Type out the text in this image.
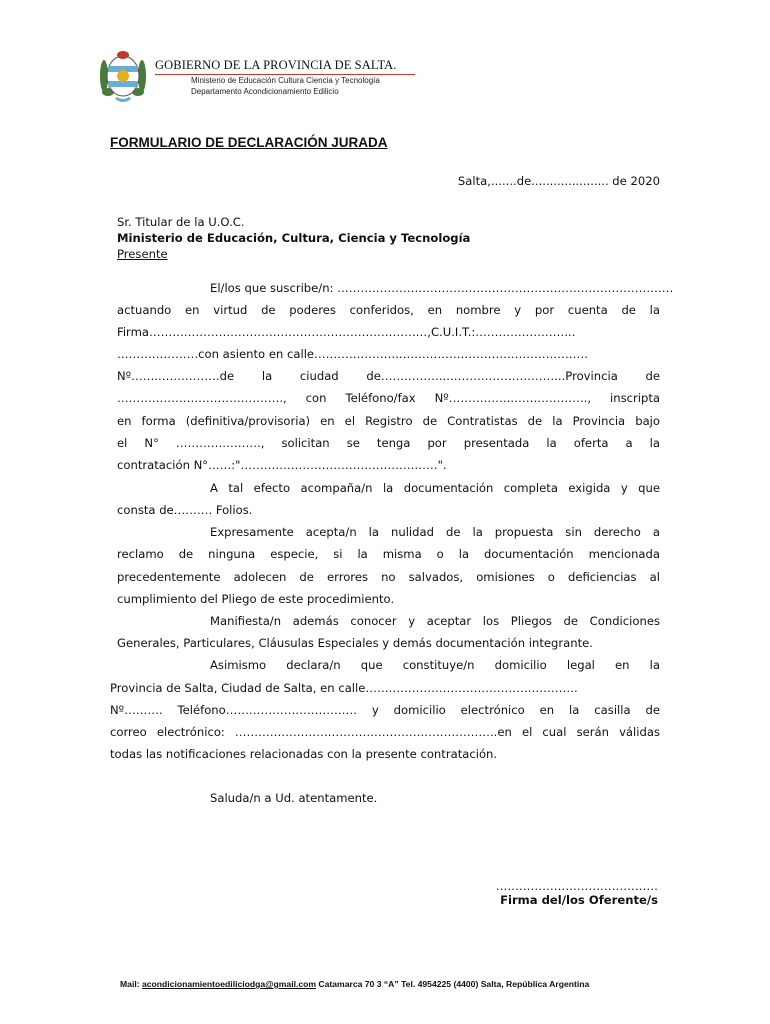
GOBIERNO DE LA PROVINCIA DE SALTA.
Ministerio de Educación Cultura Ciencia y Tecnología
Departamento Acondicionamiento Edilicio
FORMULARIO DE DECLARACIÓN JURADA
Salta,.......de..................... de 2020
Sr. Titular de la U.O.C.
Ministerio de Educación, Cultura, Ciencia y Tecnología
Presente
El/los que suscribe/n: ……………………………………………………………………………
actuando en virtud de poderes conferidos, en nombre y por cuenta de la
Firma………………………………………………………………,C.U.I.T.:……………………..
…………………con asiento en calle…………………..…………………………………………
Nº……..……………de la ciudad de……………...………………………...Provincia de
……………………………………., con Teléfono/fax Nº……………..………………., inscripta
en forma (definitiva/provisoria) en el Registro de Contratistas de la Provincia bajo
el N° …………………., solicitan se tenga por presentada la oferta a la
contratación N°……:"……………………………………………".
A tal efecto acompaña/n la documentación completa exigida y que
consta de………. Folios.
Expresamente acepta/n la nulidad de la propuesta sin derecho a
reclamo de ninguna especie, si la misma o la documentación mencionada
precedentemente adolecen de errores no salvados, omisiones o deficiencias al
cumplimiento del Pliego de este procedimiento.
Manifiesta/n además conocer y aceptar los Pliegos de Condiciones
Generales, Particulares, Cláusulas Especiales y demás documentación integrante.
Asimismo declara/n que constituye/n domicilio legal en la
Provincia de Salta, Ciudad de Salta, en calle……………………………………………….
Nº………. Teléfono……………………………. y domicilio electrónico en la casilla de
correo electrónico: …………………………………………………………..en el cual serán válidas
todas las notificaciones relacionadas con la presente contratación.
Saluda/n a Ud. atentamente.
……………………………………
Firma del/los Oferente/s
Mail: acondicionamientoediliciodga@gmail.com Catamarca 70 3 “A” Tel. 4954225 (4400) Salta, República Argentina
